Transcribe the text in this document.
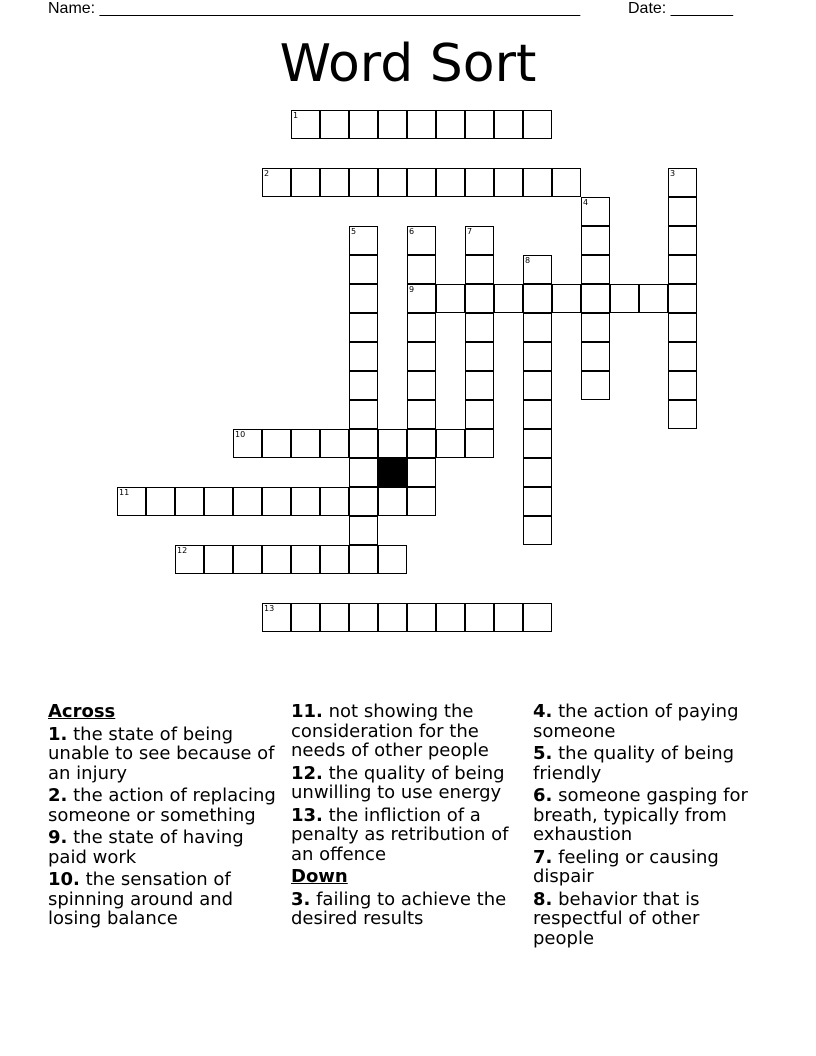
Name: ______________________________________________________	Date: _______
Word Sort
1
2	3
4
5	6
9
7
8
10
11
12
13
Across
1. the state of being unable to see because of an injury
2. the action of replacing someone or something
9. the state of having paid work
10. the sensation of spinning around and losing balance
11. not showing the consideration for the needs of other people
12. the quality of being unwilling to use energy
13. the infliction of a penalty as retribution of an offence
Down
3. failing to achieve the desired results
4. the action of paying someone
5. the quality of being friendly
6. someone gasping for breath, typically from exhaustion
7. feeling or causing dispair
8. behavior that is respectful of other people
